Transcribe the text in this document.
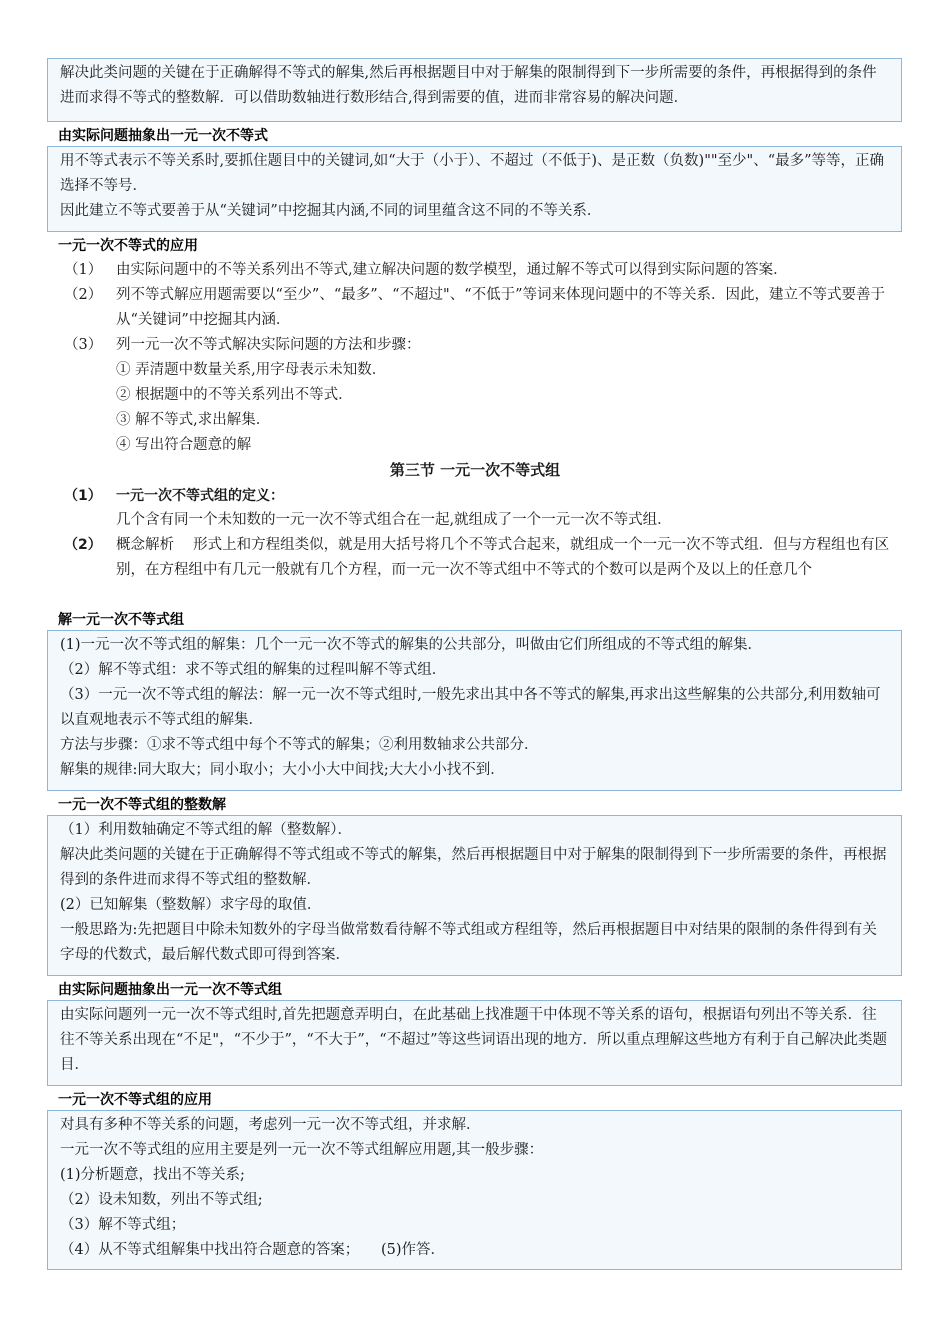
解决此类问题的关键在于正确解得不等式的解集,然后再根据题目中对于解集的限制得到下一步所需要的条件，再根据得到的条件进而求得不等式的整数解．可以借助数轴进行数形结合,得到需要的值，进而非常容易的解决问题．

由实际问题抽象出一元一次不等式

用不等式表示不等关系时,要抓住题目中的关键词,如“大于（小于）、不超过（不低于)、是正数（负数)""至少"、“最多”等等，正确选择不等号．

因此建立不等式要善于从“关键词”中挖掘其内涵,不同的词里蕴含这不同的不等关系．

一元一次不等式的应用
（1） 由实际问题中的不等关系列出不等式,建立解决问题的数学模型，通过解不等式可以得到实际问题的答案．
（2） 列不等式解应用题需要以“至少”、“最多”、“不超过"、“不低于”等词来体现问题中的不等关系．因此，建立不等式要善于从“关键词”中挖掘其内涵．
（3） 列一元一次不等式解决实际问题的方法和步骤：
① 弄清题中数量关系,用字母表示未知数．
② 根据题中的不等关系列出不等式．
③ 解不等式,求出解集．
④ 写出符合题意的解
第三节 一元一次不等式组
（1） 一元一次不等式组的定义：
几个含有同一个未知数的一元一次不等式组合在一起,就组成了一个一元一次不等式组．
（2） 概念解析　 形式上和方程组类似，就是用大括号将几个不等式合起来，就组成一个一元一次不等式组．但与方程组也有区别，在方程组中有几元一般就有几个方程，而一元一次不等式组中不等式的个数可以是两个及以上的任意几个
解一元一次不等式组

(1)一元一次不等式组的解集：几个一元一次不等式的解集的公共部分，叫做由它们所组成的不等式组的解集．

（2）解不等式组：求不等式组的解集的过程叫解不等式组．

（3）一元一次不等式组的解法：解一元一次不等式组时,一般先求出其中各不等式的解集,再求出这些解集的公共部分,利用数轴可以直观地表示不等式组的解集．

方法与步骤：①求不等式组中每个不等式的解集；②利用数轴求公共部分．

解集的规律:同大取大；同小取小；大小小大中间找;大大小小找不到．

一元一次不等式组的整数解

（1）利用数轴确定不等式组的解（整数解）．

解决此类问题的关键在于正确解得不等式组或不等式的解集，然后再根据题目中对于解集的限制得到下一步所需要的条件，再根据得到的条件进而求得不等式组的整数解．

(2）已知解集（整数解）求字母的取值．

一般思路为:先把题目中除未知数外的字母当做常数看待解不等式组或方程组等，然后再根据题目中对结果的限制的条件得到有关字母的代数式，最后解代数式即可得到答案．

由实际问题抽象出一元一次不等式组

由实际问题列一元一次不等式组时,首先把题意弄明白，在此基础上找准题干中体现不等关系的语句，根据语句列出不等关系．往往不等关系出现在“不足"，“不少于”，“不大于”，“不超过”等这些词语出现的地方．所以重点理解这些地方有利于自己解决此类题目．

一元一次不等式组的应用

对具有多种不等关系的问题，考虑列一元一次不等式组，并求解．

一元一次不等式组的应用主要是列一元一次不等式组解应用题,其一般步骤：

(1)分析题意，找出不等关系;

（2）设未知数，列出不等式组;

（3）解不等式组；

（4）从不等式组解集中找出符合题意的答案；　　(5)作答．
